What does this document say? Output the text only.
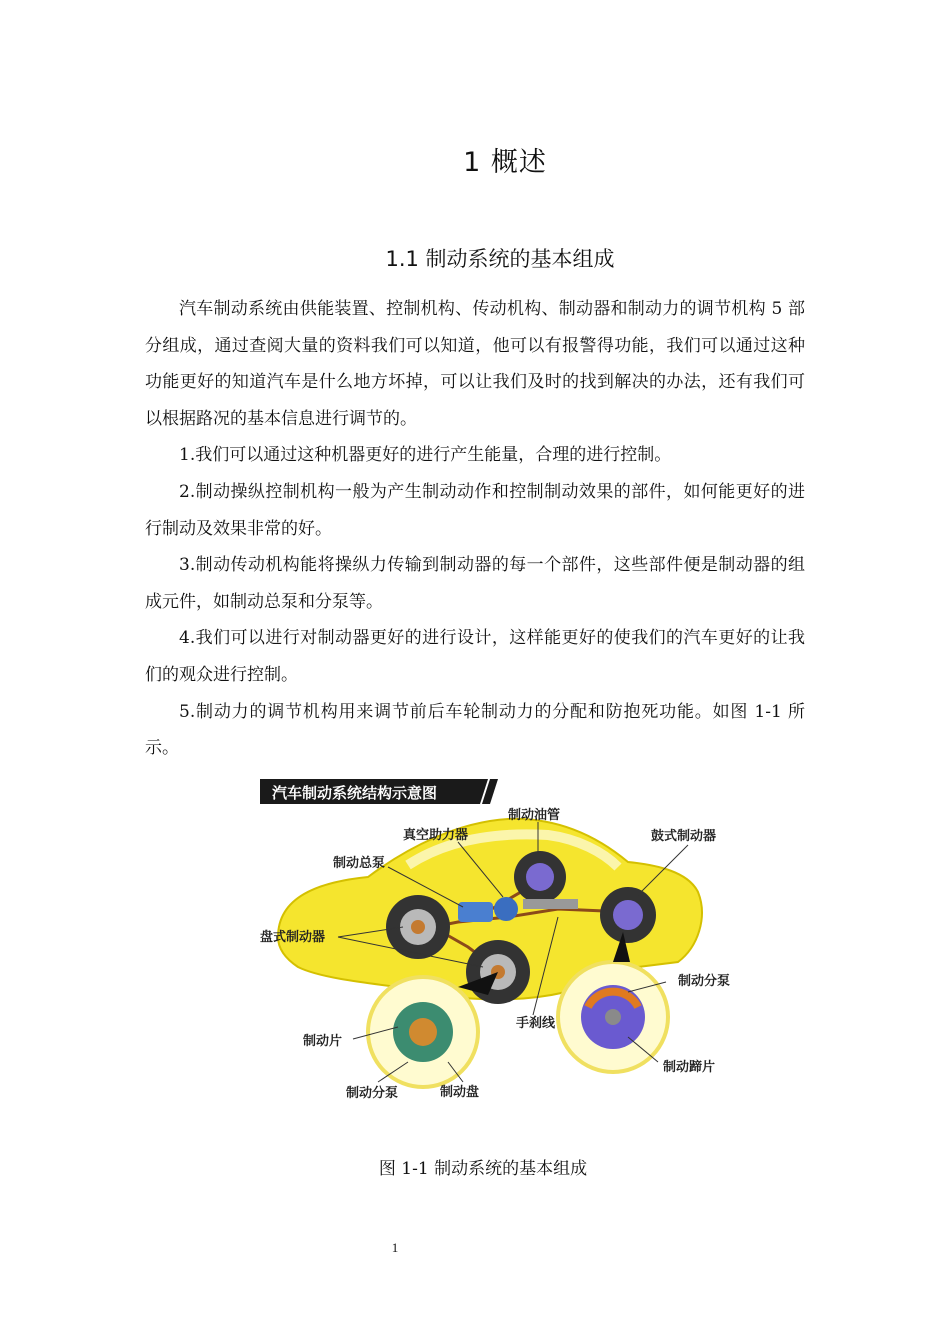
1 概述
1.1 制动系统的基本组成

汽车制动系统由供能装置、控制机构、传动机构、制动器和制动力的调节机构 5 部分组成，通过查阅大量的资料我们可以知道，他可以有报警得功能，我们可以通过这种功能更好的知道汽车是什么地方坏掉，可以让我们及时的找到解决的办法，还有我们可以根据路况的基本信息进行调节的。

1.我们可以通过这种机器更好的进行产生能量，合理的进行控制。

2.制动操纵控制机构一般为产生制动动作和控制制动效果的部件，如何能更好的进行制动及效果非常的好。

3.制动传动机构能将操纵力传输到制动器的每一个部件，这些部件便是制动器的组成元件，如制动总泵和分泵等。

4.我们可以进行对制动器更好的进行设计，这样能更好的使我们的汽车更好的让我们的观众进行控制。

5.制动力的调节机构用来调节前后车轮制动力的分配和防抱死功能。如图 1-1 所示。

汽车制动系统结构示意图
制动油管
真空助力器	鼓式制动器
制动总泵
盘式制动器
制动分泵
手刹线
制动片
制动蹄片
制动分泵	制动盘
图 1-1 制动系统的基本组成
1
